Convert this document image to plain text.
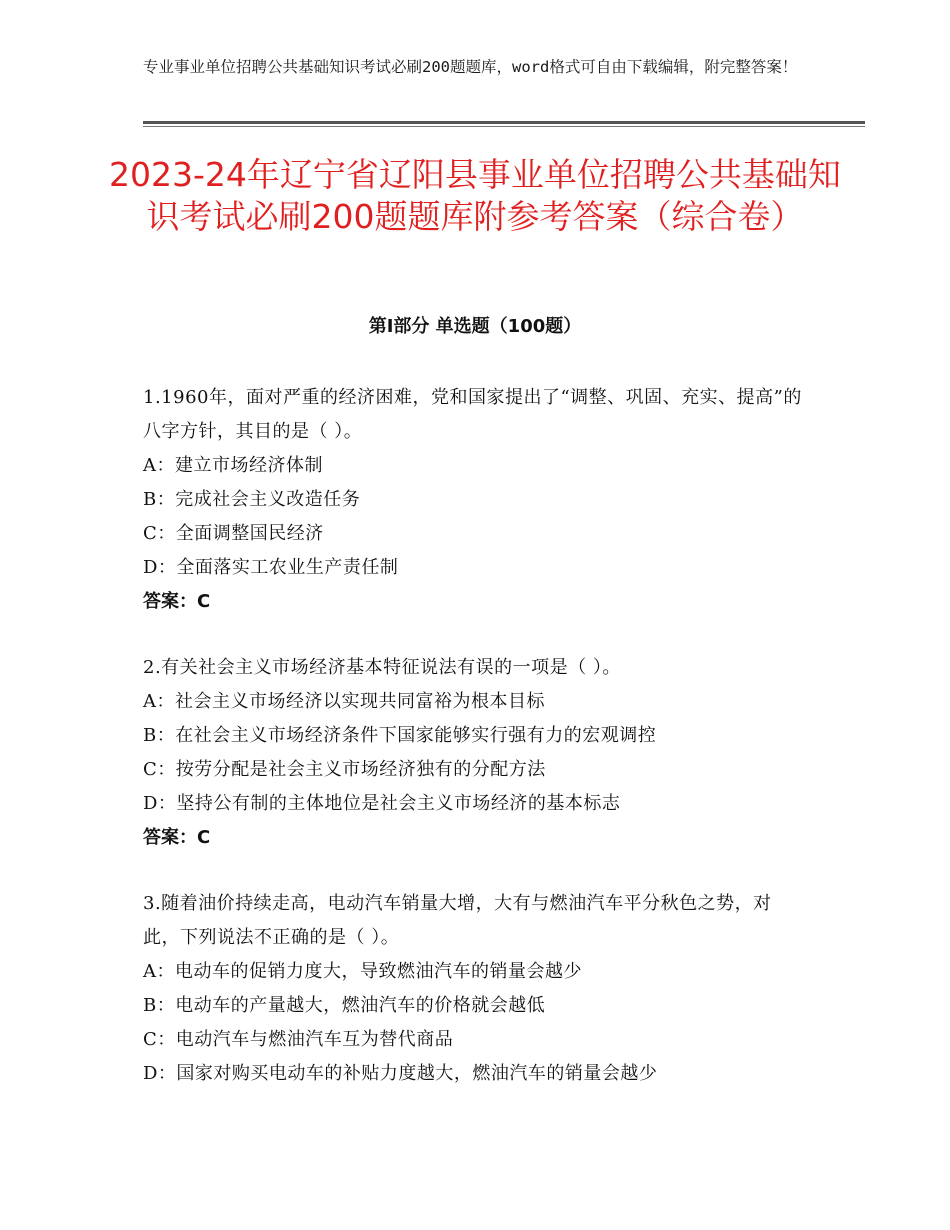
专业事业单位招聘公共基础知识考试必刷200题题库，word格式可自由下载编辑，附完整答案！
2023-24年辽宁省辽阳县事业单位招聘公共基础知识考试必刷200题题库附参考答案（综合卷）
第Ⅰ部分 单选题（100题）
1.1960年，面对严重的经济困难，党和国家提出了“调整、巩固、充实、提高”的八字方针，其目的是（ ）。
A：建立市场经济体制
B：完成社会主义改造任务
C：全面调整国民经济
D：全面落实工农业生产责任制
答案：C
2.有关社会主义市场经济基本特征说法有误的一项是（ ）。
A：社会主义市场经济以实现共同富裕为根本目标
B：在社会主义市场经济条件下国家能够实行强有力的宏观调控
C：按劳分配是社会主义市场经济独有的分配方法
D：坚持公有制的主体地位是社会主义市场经济的基本标志
答案：C
3.随着油价持续走高，电动汽车销量大增，大有与燃油汽车平分秋色之势，对此，下列说法不正确的是（ ）。
A：电动车的促销力度大，导致燃油汽车的销量会越少
B：电动车的产量越大，燃油汽车的价格就会越低
C：电动汽车与燃油汽车互为替代商品
D：国家对购买电动车的补贴力度越大，燃油汽车的销量会越少
